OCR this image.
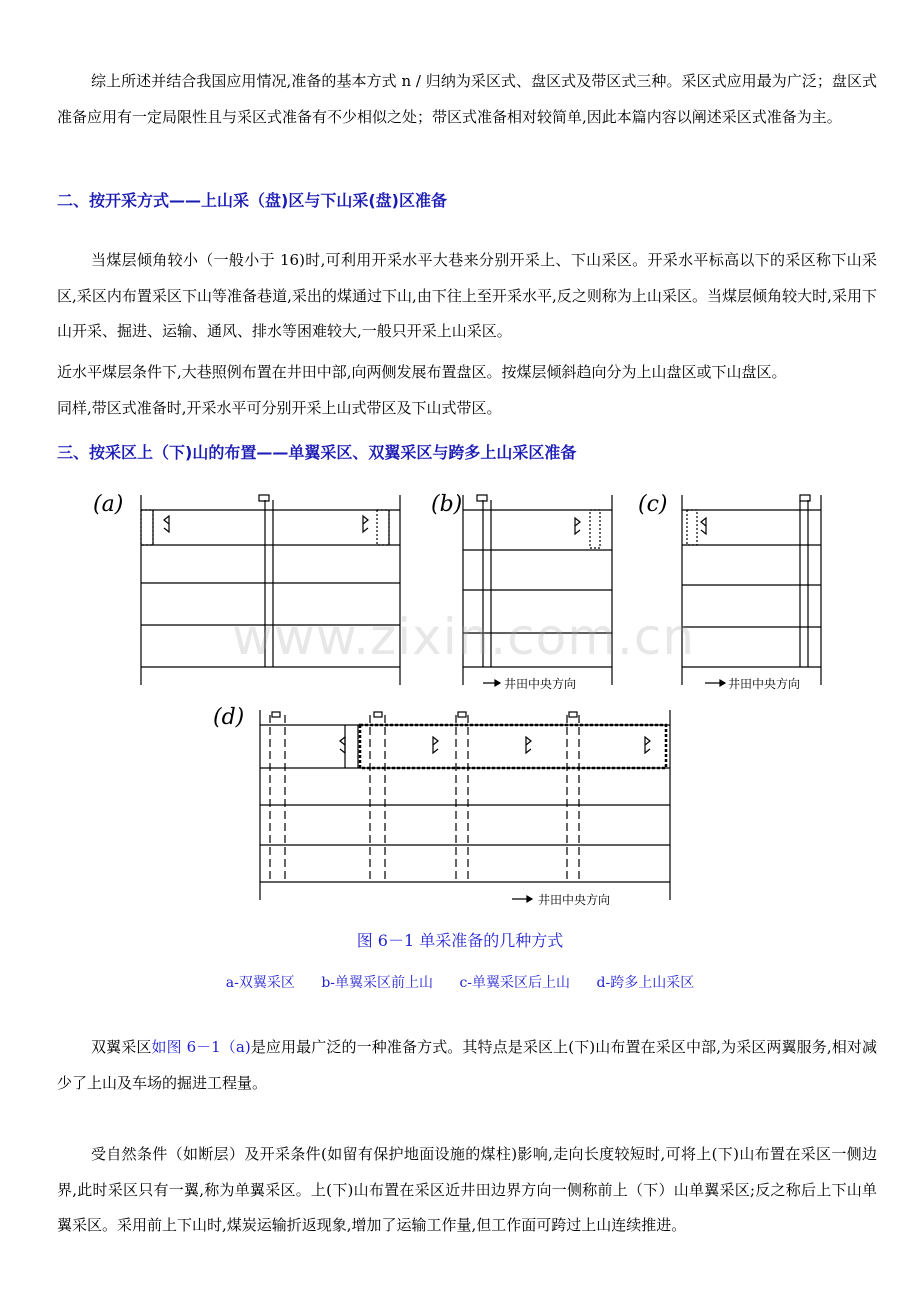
综上所述并结合我国应用情况,准备的基本方式 n / 归纳为采区式、盘区式及带区式三种。采区式应用最为广泛；盘区式准备应用有一定局限性且与采区式准备有不少相似之处；带区式准备相对较简单,因此本篇内容以阐述采区式准备为主。

二、按开采方式——上山采（盘)区与下山采(盘)区准备

当煤层倾角较小（一般小于 16)时,可利用开采水平大巷来分别开采上、下山采区。开采水平标高以下的采区称下山采区,采区内布置采区下山等准备巷道,采出的煤通过下山,由下往上至开采水平,反之则称为上山采区。当煤层倾角较大时,采用下山开采、掘进、运输、通风、排水等困难较大,一般只开采上山采区。

近水平煤层条件下,大巷照例布置在井田中部,向两侧发展布置盘区。按煤层倾斜趋向分为上山盘区或下山盘区。

同样,带区式准备时,开采水平可分别开采上山式带区及下山式带区。

三、按采区上（下)山的布置——单翼采区、双翼采区与跨多上山采区准备

(a)	(b)
井田中央方向
(c)
井田中央方向
(d)
井田中央方向
www.zixin.com.cn

图 6－1 单采准备的几种方式

a-双翼采区 b-单翼采区前上山 c-单翼采区后上山 d-跨多上山采区

双翼采区如图 6－1（a)是应用最广泛的一种准备方式。其特点是采区上(下)山布置在采区中部,为采区两翼服务,相对减少了上山及车场的掘进工程量。

受自然条件（如断层）及开采条件(如留有保护地面设施的煤柱)影响,走向长度较短时,可将上(下)山布置在采区一侧边界,此时采区只有一翼,称为单翼采区。上(下)山布置在采区近井田边界方向一侧称前上（下）山单翼采区;反之称后上下山单翼采区。采用前上下山时,煤炭运输折返现象,增加了运输工作量,但工作面可跨过上山连续推进。
